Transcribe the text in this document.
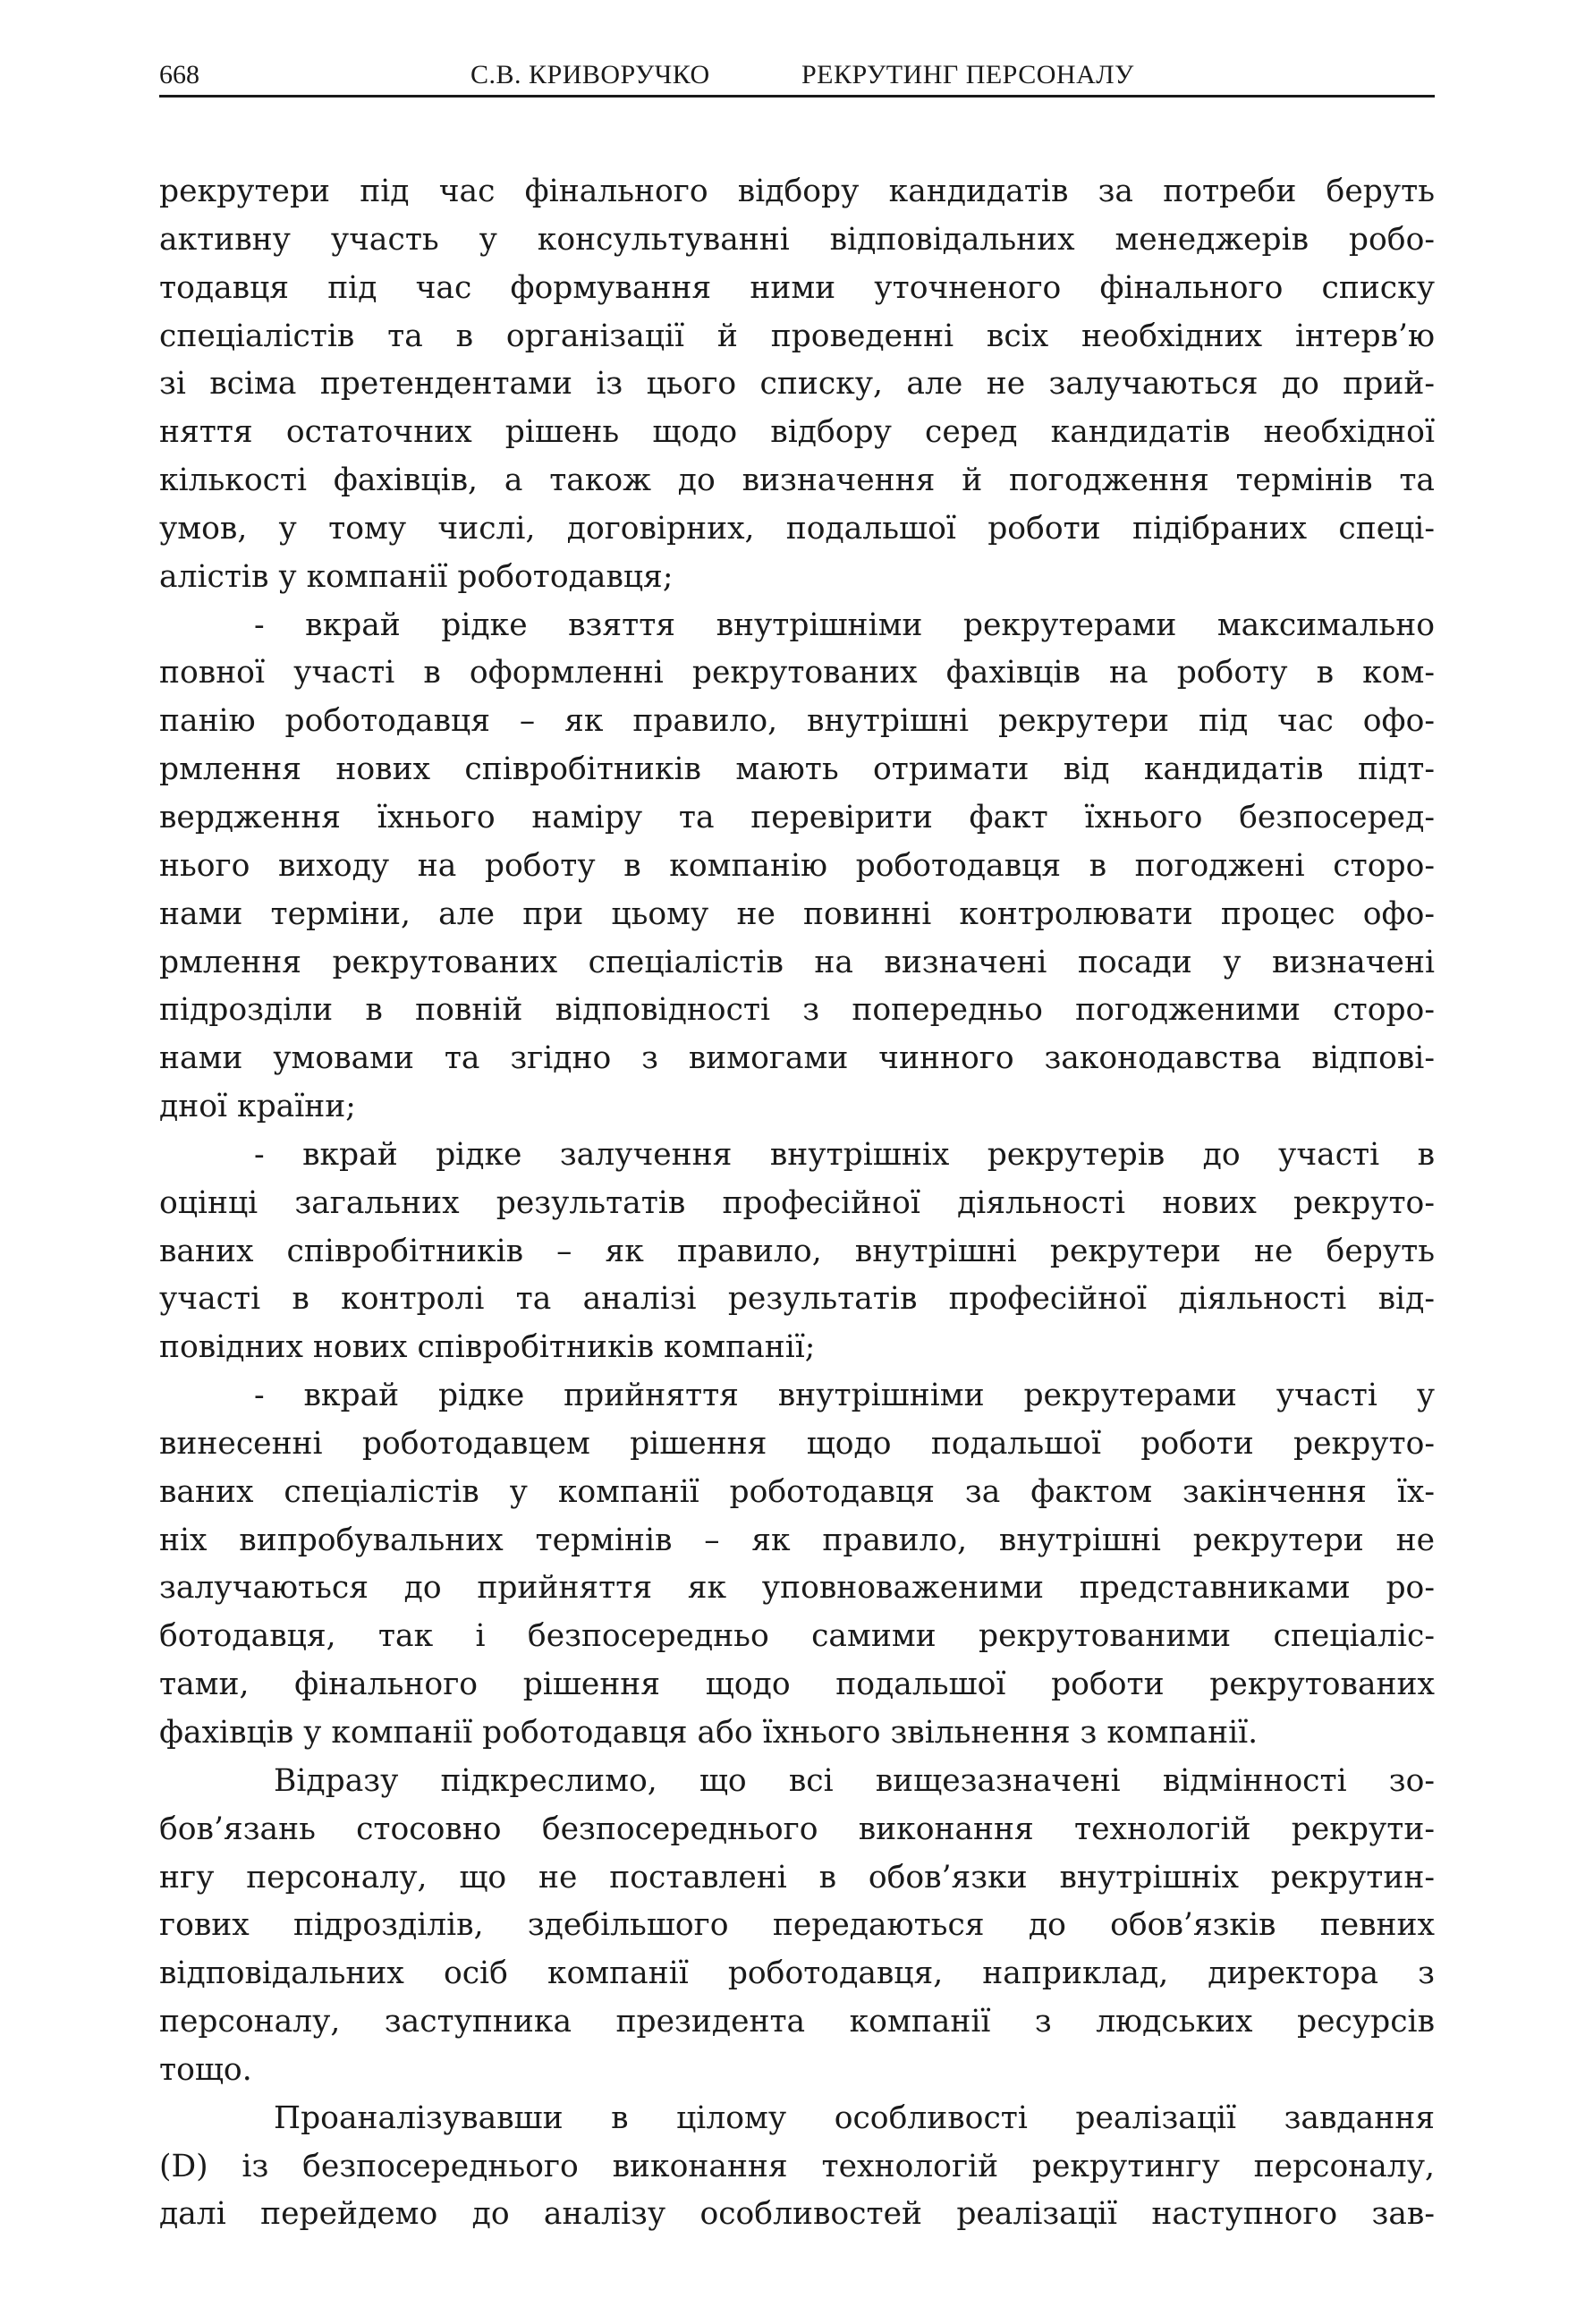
668	С.В. КРИВОРУЧКО	РЕКРУТИНГ ПЕРСОНАЛУ
рекрутери під час фінального відбору кандидатів за потреби беруть
активну участь у консультуванні відповідальних менеджерів робо-
тодавця під час формування ними уточненого фінального списку
спеціалістів та в організації й проведенні всіх необхідних інтерв’ю
зі всіма претендентами із цього списку, але не залучаються до прий-
няття остаточних рішень щодо відбору серед кандидатів необхідної
кількості фахівців, а також до визначення й погодження термінів та
умов, у тому числі, договірних, подальшої роботи підібраних спеці-
алістів у компанії роботодавця;
- вкрай рідке взяття внутрішніми рекрутерами максимально
повної участі в оформленні рекрутованих фахівців на роботу в ком-
панію роботодавця – як правило, внутрішні рекрутери під час офо-
рмлення нових співробітників мають отримати від кандидатів підт-
вердження їхнього наміру та перевірити факт їхнього безпосеред-
нього виходу на роботу в компанію роботодавця в погоджені сторо-
нами терміни, але при цьому не повинні контролювати процес офо-
рмлення рекрутованих спеціалістів на визначені посади у визначені
підрозділи в повній відповідності з попередньо погодженими сторо-
нами умовами та згідно з вимогами чинного законодавства відпові-
дної країни;
- вкрай рідке залучення внутрішніх рекрутерів до участі в
оцінці загальних результатів професійної діяльності нових рекруто-
ваних співробітників – як правило, внутрішні рекрутери не беруть
участі в контролі та аналізі результатів професійної діяльності від-
повідних нових співробітників компанії;
- вкрай рідке прийняття внутрішніми рекрутерами участі у
винесенні роботодавцем рішення щодо подальшої роботи рекруто-
ваних спеціалістів у компанії роботодавця за фактом закінчення їх-
ніх випробувальних термінів – як правило, внутрішні рекрутери не
залучаються до прийняття як уповноваженими представниками ро-
ботодавця, так і безпосередньо самими рекрутованими спеціаліс-
тами, фінального рішення щодо подальшої роботи рекрутованих
фахівців у компанії роботодавця або їхнього звільнення з компанії.
Відразу підкреслимо, що всі вищезазначені відмінності зо-
бов’язань стосовно безпосереднього виконання технологій рекрути-
нгу персоналу, що не поставлені в обов’язки внутрішніх рекрутин-
гових підрозділів, здебільшого передаються до обов’язків певних
відповідальних осіб компанії роботодавця, наприклад, директора з
персоналу, заступника президента компанії з людських ресурсів
тощо.
Проаналізувавши в цілому особливості реалізації завдання
(D) із безпосереднього виконання технологій рекрутингу персоналу,
далі перейдемо до аналізу особливостей реалізації наступного зав-
